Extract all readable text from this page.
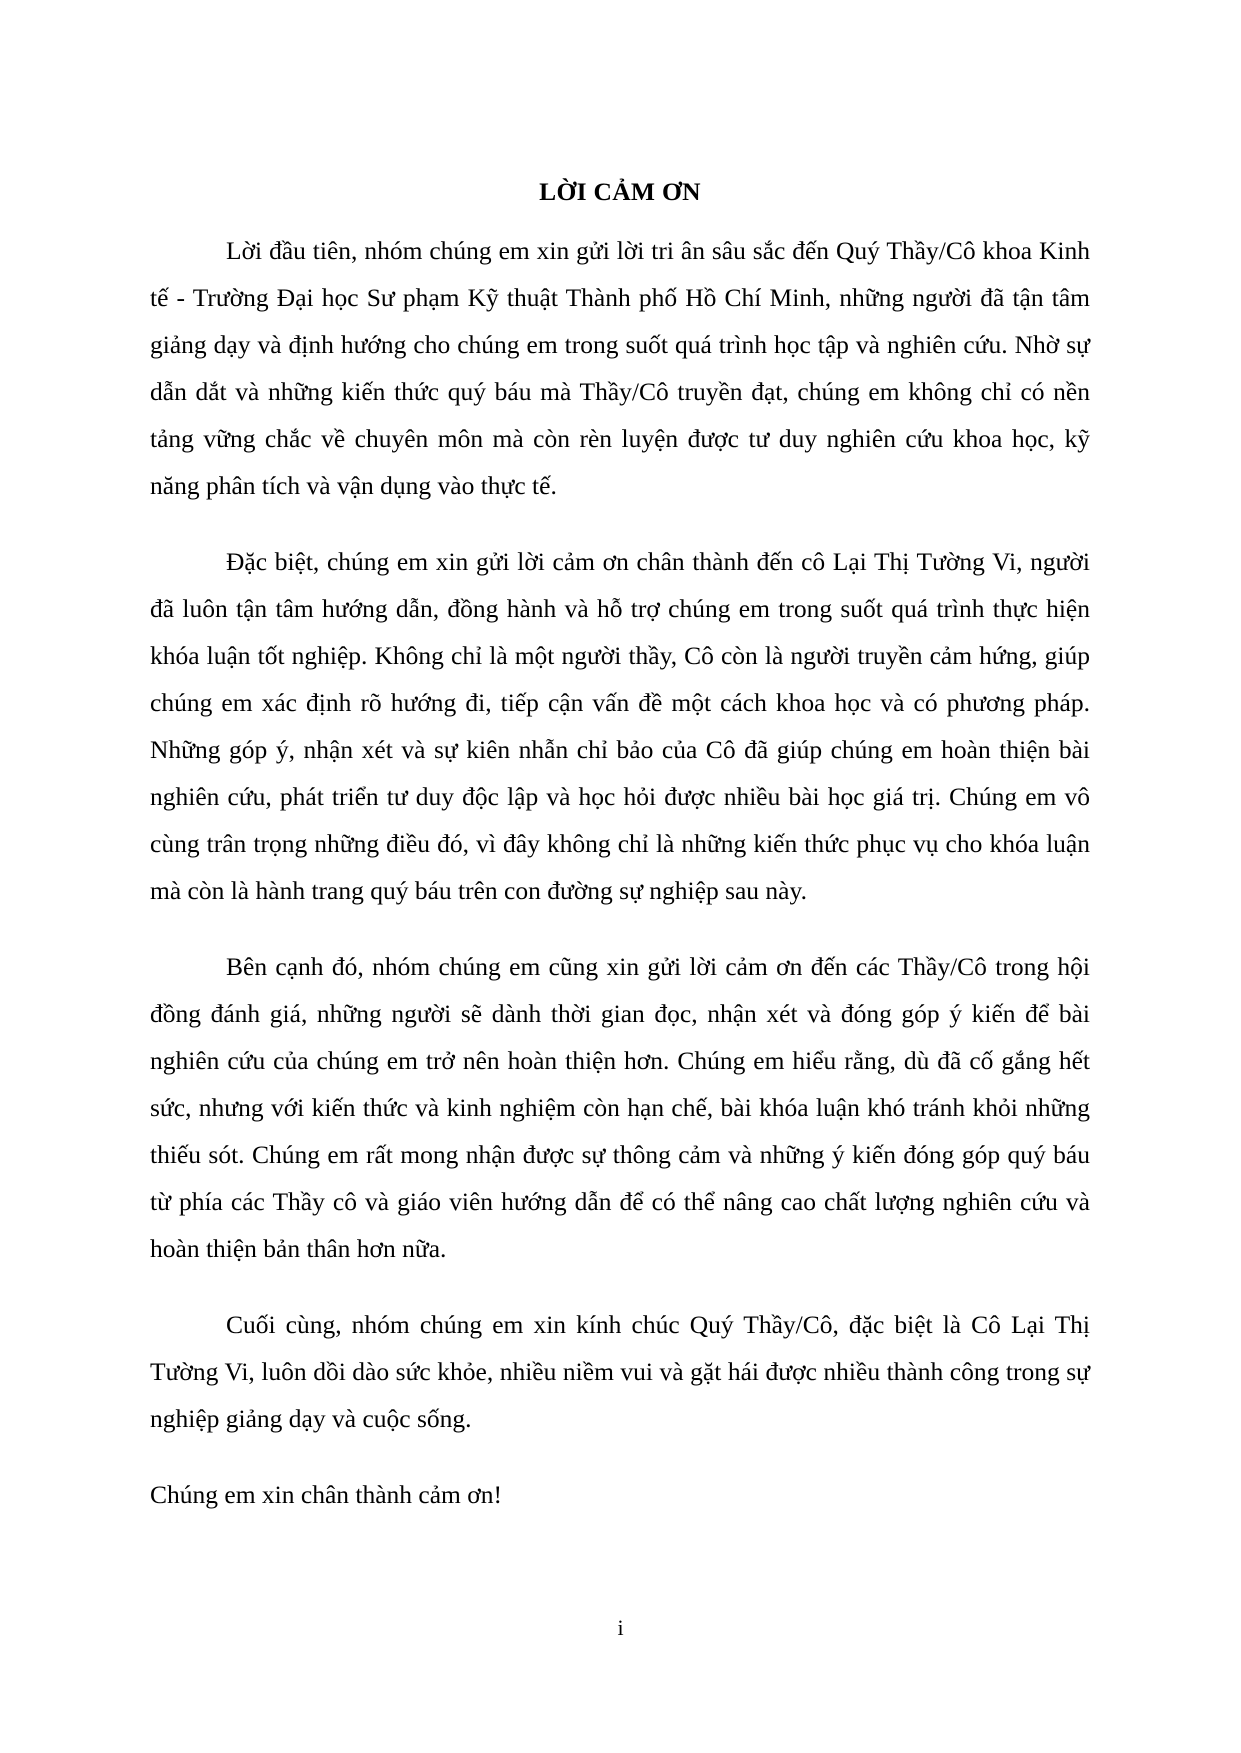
LỜI CẢM ƠN

Lời đầu tiên, nhóm chúng em xin gửi lời tri ân sâu sắc đến Quý Thầy/Cô khoa Kinh tế - Trường Đại học Sư phạm Kỹ thuật Thành phố Hồ Chí Minh, những người đã tận tâm giảng dạy và định hướng cho chúng em trong suốt quá trình học tập và nghiên cứu. Nhờ sự dẫn dắt và những kiến thức quý báu mà Thầy/Cô truyền đạt, chúng em không chỉ có nền tảng vững chắc về chuyên môn mà còn rèn luyện được tư duy nghiên cứu khoa học, kỹ năng phân tích và vận dụng vào thực tế.

Đặc biệt, chúng em xin gửi lời cảm ơn chân thành đến cô Lại Thị Tường Vi, người đã luôn tận tâm hướng dẫn, đồng hành và hỗ trợ chúng em trong suốt quá trình thực hiện khóa luận tốt nghiệp. Không chỉ là một người thầy, Cô còn là người truyền cảm hứng, giúp chúng em xác định rõ hướng đi, tiếp cận vấn đề một cách khoa học và có phương pháp. Những góp ý, nhận xét và sự kiên nhẫn chỉ bảo của Cô đã giúp chúng em hoàn thiện bài nghiên cứu, phát triển tư duy độc lập và học hỏi được nhiều bài học giá trị. Chúng em vô cùng trân trọng những điều đó, vì đây không chỉ là những kiến thức phục vụ cho khóa luận mà còn là hành trang quý báu trên con đường sự nghiệp sau này.

Bên cạnh đó, nhóm chúng em cũng xin gửi lời cảm ơn đến các Thầy/Cô trong hội đồng đánh giá, những người sẽ dành thời gian đọc, nhận xét và đóng góp ý kiến để bài nghiên cứu của chúng em trở nên hoàn thiện hơn. Chúng em hiểu rằng, dù đã cố gắng hết sức, nhưng với kiến thức và kinh nghiệm còn hạn chế, bài khóa luận khó tránh khỏi những thiếu sót. Chúng em rất mong nhận được sự thông cảm và những ý kiến đóng góp quý báu từ phía các Thầy cô và giáo viên hướng dẫn để có thể nâng cao chất lượng nghiên cứu và hoàn thiện bản thân hơn nữa.

Cuối cùng, nhóm chúng em xin kính chúc Quý Thầy/Cô, đặc biệt là Cô Lại Thị Tường Vi, luôn dồi dào sức khỏe, nhiều niềm vui và gặt hái được nhiều thành công trong sự nghiệp giảng dạy và cuộc sống.

Chúng em xin chân thành cảm ơn!

i
